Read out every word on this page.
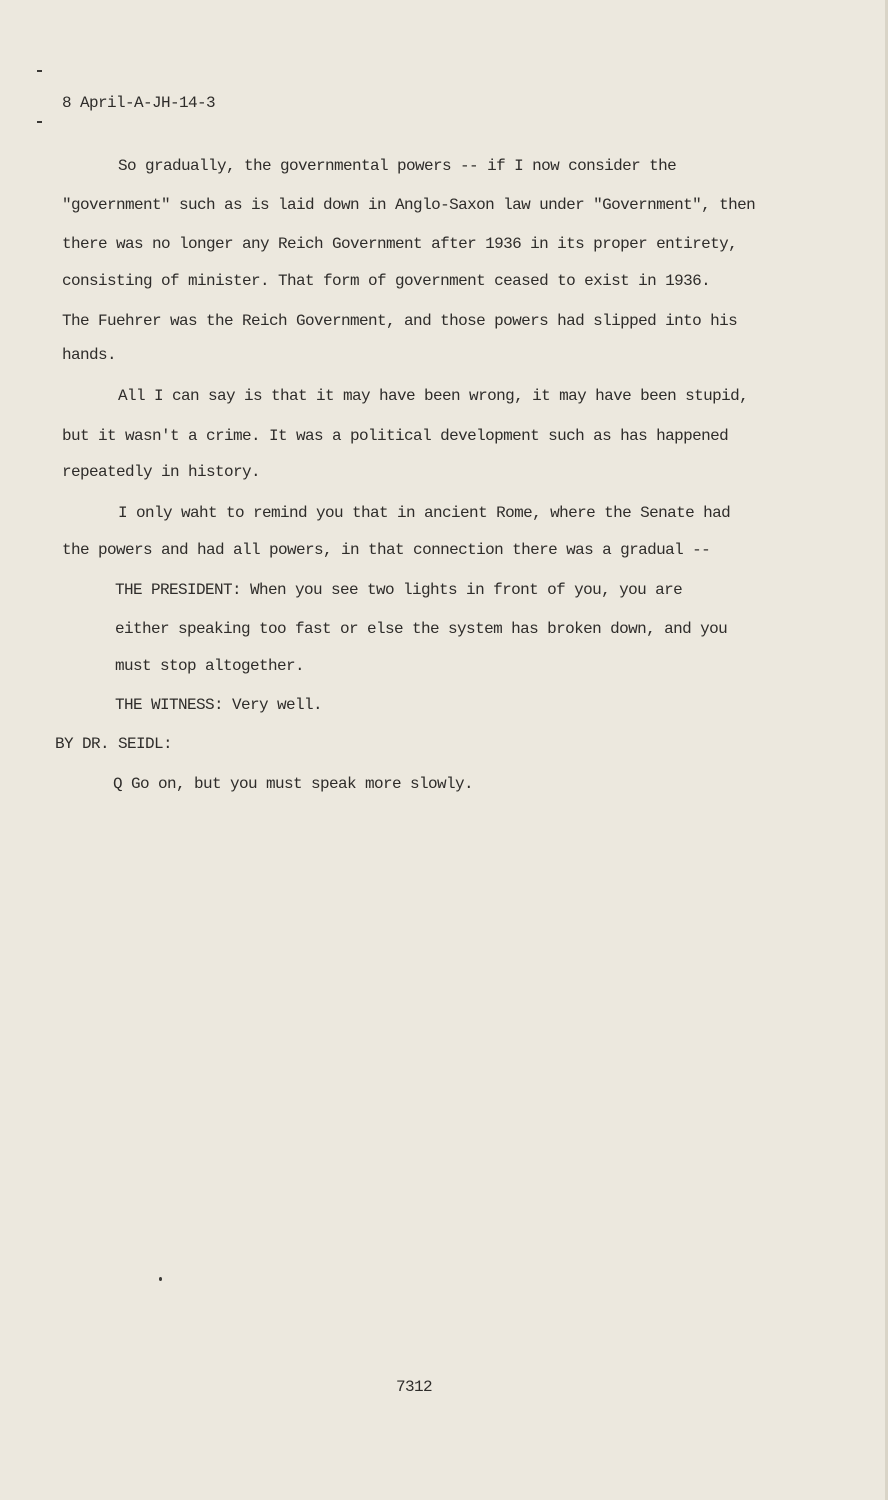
8 April-A-JH-14-3
So gradually, the governmental powers -- if I now consider the
"government" such as is laid down in Anglo-Saxon law under "Government", then
there was no longer any Reich Government after 1936 in its proper entirety,
consisting of minister. That form of government ceased to exist in 1936.
The Fuehrer was the Reich Government, and those powers had slipped into his
hands.
All I can say is that it may have been wrong, it may have been stupid,
but it wasn't a crime. It was a political development such as has happened
repeatedly in history.
I only waht to remind you that in ancient Rome, where the Senate had
the powers and had all powers, in that connection there was a gradual --
THE PRESIDENT: When you see two lights in front of you, you are
either speaking too fast or else the system has broken down, and you
must stop altogether.
THE WITNESS: Very well.
BY DR. SEIDL:
Q Go on, but you must speak more slowly.
7312
